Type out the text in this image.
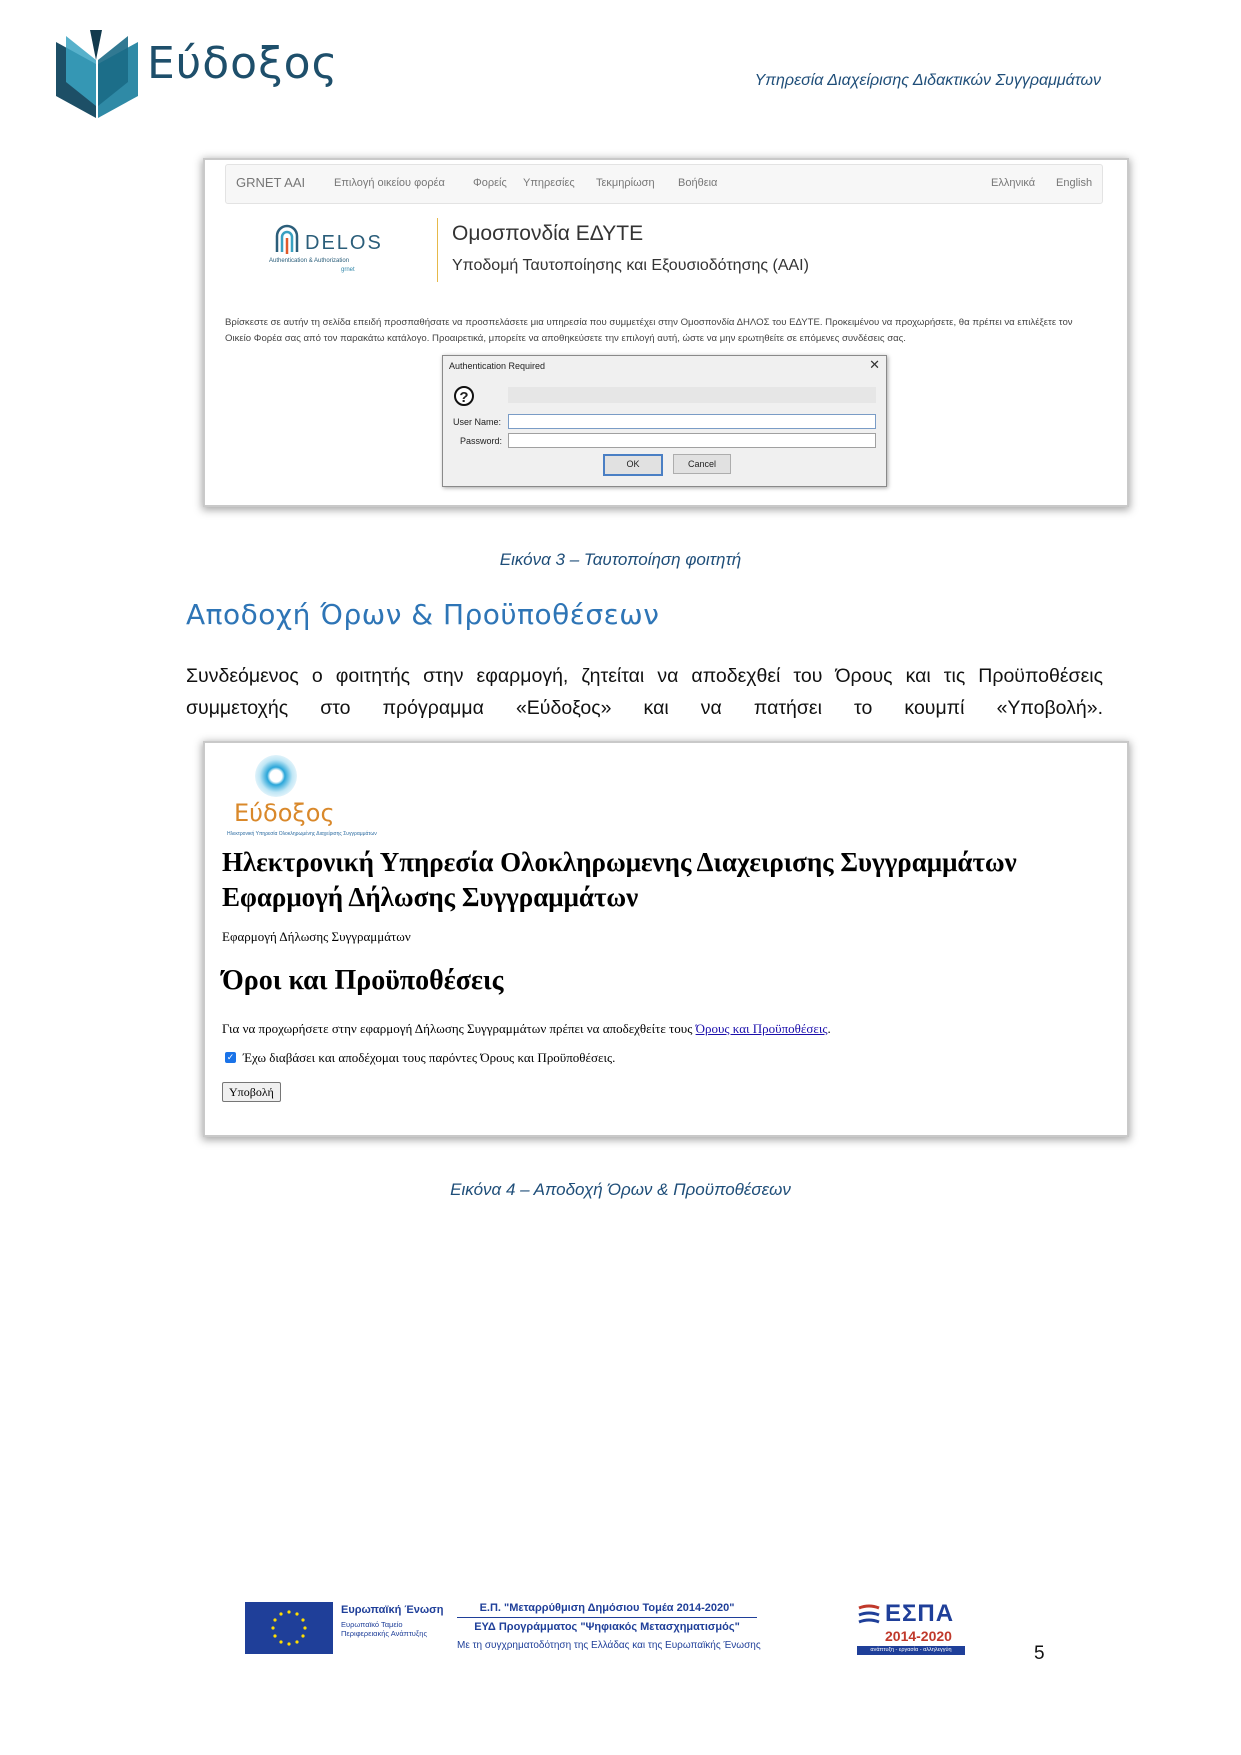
Εύδοξος	Υπηρεσία Διαχείρισης Διδακτικών Συγγραμμάτων
GRNET AAI	Επιλογή οικείου φορέα	Φορείς Υπηρεσίες Τεκμηρίωση Βοήθεια	Ελληνικά English
DELOS
Authentication & Authorization
grnet
Ομοσπονδία ΕΔΥΤΕ
Υποδομή Ταυτοποίησης και Εξουσιοδότησης (AAI)
Βρίσκεστε σε αυτήν τη σελίδα επειδή προσπαθήσατε να προσπελάσετε μια υπηρεσία που συμμετέχει στην Ομοσπονδία ΔΗΛΟΣ του ΕΔΥΤΕ. Προκειμένου να προχωρήσετε, θα πρέπει να επιλέξετε τον Οικείο Φορέα σας από τον παρακάτω κατάλογο. Προαιρετικά, μπορείτε να αποθηκεύσετε την επιλογή αυτή, ώστε να μην ερωτηθείτε σε επόμενες συνδέσεις σας.
Authentication Required	✕
?
User Name:
Password:
OK	Cancel
Εικόνα 3 – Ταυτοποίηση φοιτητή
Αποδοχή Όρων & Προϋποθέσεων
Συνδεόμενος ο φοιτητής στην εφαρμογή, ζητείται να αποδεχθεί του Όρους και τις Προϋποθέσεις συμμετοχής στο πρόγραμμα «Εύδοξος» και να πατήσει το κουμπί «Υποβολή».
Εύδοξος
Ηλεκτρονική Υπηρεσία Ολοκληρωμένης Διαχείρισης Συγγραμμάτων
Ηλεκτρονική Υπηρεσία Ολοκληρωμενης Διαχειρισης Συγγραμμάτων
Εφαρμογή Δήλωσης Συγγραμμάτων
Εφαρμογή Δήλωσης Συγγραμμάτων
Όροι και Προϋποθέσεις
Για να προχωρήσετε στην εφαρμογή Δήλωσης Συγγραμμάτων πρέπει να αποδεχθείτε τους Όρους και Προϋποθέσεις.
✓ Έχω διαβάσει και αποδέχομαι τους παρόντες Όρους και Προϋποθέσεις.
Υποβολή
Εικόνα 4 – Αποδοχή Όρων & Προϋποθέσεων
Ευρωπαϊκή Ένωση
Ευρωπαϊκό Ταμείο Περιφερειακής Ανάπτυξης
Ε.Π. "Μεταρρύθμιση Δημόσιου Τομέα 2014-2020"
ΕΥΔ Προγράμματος "Ψηφιακός Μετασχηματισμός"
Με τη συγχρηματοδότηση της Ελλάδας και της Ευρωπαϊκής Ένωσης
ΕΣΠΑ
2014-2020
ανάπτυξη - εργασία - αλληλεγγύη	5
